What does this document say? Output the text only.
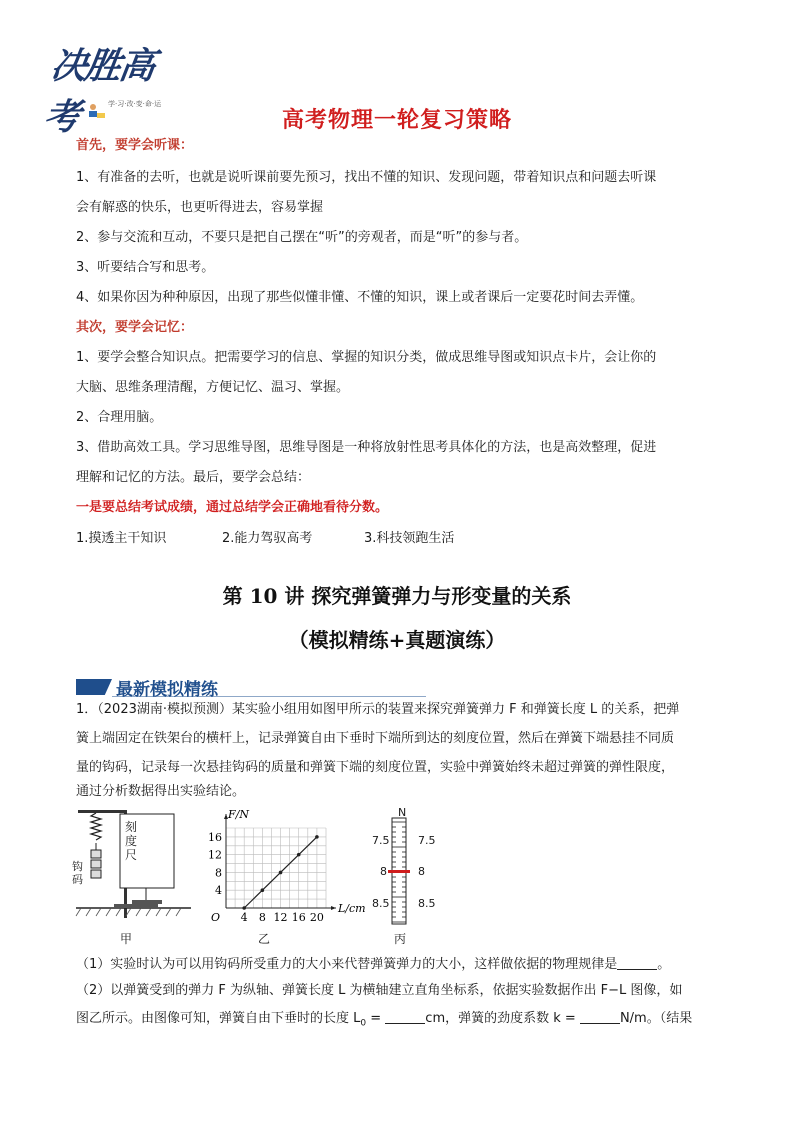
决胜高考	学·习·改·变·命·运
高考物理一轮复习策略
首先，要学会听课：
1、有准备的去听，也就是说听课前要先预习，找出不懂的知识、发现问题，带着知识点和问题去听课
会有解惑的快乐，也更听得进去，容易掌握
2、参与交流和互动，不要只是把自己摆在“听”的旁观者，而是“听”的参与者。
3、听要结合写和思考。
4、如果你因为种种原因，出现了那些似懂非懂、不懂的知识，课上或者课后一定要花时间去弄懂。
其次，要学会记忆：
1、要学会整合知识点。把需要学习的信息、掌握的知识分类，做成思维导图或知识点卡片，会让你的
大脑、思维条理清醒，方便记忆、温习、掌握。
2、合理用脑。
3、借助高效工具。学习思维导图，思维导图是一种将放射性思考具体化的方法，也是高效整理，促进
理解和记忆的方法。最后，要学会总结：
一是要总结考试成绩，通过总结学会正确地看待分数。
1.摸透主干知识	2.能力驾驭高考	3.科技领跑生活
第 10 讲 探究弹簧弹力与形变量的关系
（模拟精练+真题演练）
最新模拟精练
1．（2023湖南·模拟预测）某实验小组用如图甲所示的装置来探究弹簧弹力 F 和弹簧长度 L 的关系，把弹
簧上端固定在铁架台的横杆上，记录弹簧自由下垂时下端所到达的刻度位置，然后在弹簧下端悬挂不同质
量的钩码，记录每一次悬挂钩码的质量和弹簧下端的刻度位置，实验中弹簧始终未超过弹簧的弹性限度，
通过分析数据得出实验结论。
刻度尺
钩码
甲
16
12
8
4
4 8 12 16 20
O
F/N
L/cm
乙
N
7.5	7.5
8	8
8.5	8.5
丙
（1）实验时认为可以用钩码所受重力的大小来代替弹簧弹力的大小，这样做依据的物理规律是	。
（2）以弹簧受到的弹力 F 为纵轴、弹簧长度 L 为横轴建立直角坐标系，依据实验数据作出 F−L 图像，如
图乙所示。由图像可知，弹簧自由下垂时的长度 $L_0$ =	cm，弹簧的劲度系数 k =	N/m。（结果
